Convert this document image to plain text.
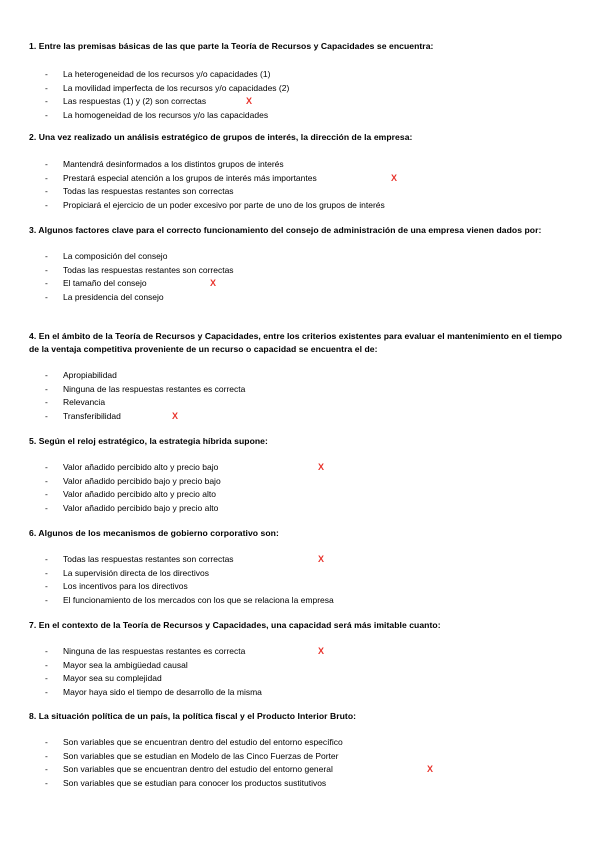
1. Entre las premisas básicas de las que parte la Teoría de Recursos y Capacidades se encuentra:

- La heterogeneidad de los recursos y/o capacidades (1)
- La movilidad imperfecta de los recursos y/o capacidades (2)
- Las respuestas (1) y (2) son correctas	X
- La homogeneidad de los recursos y/o las capacidades

2. Una vez realizado un análisis estratégico de grupos de interés, la dirección de la empresa:

- Mantendrá desinformados a los distintos grupos de interés
- Prestará especial atención a los grupos de interés más importantes	X
- Todas las respuestas restantes son correctas
- Propiciará el ejercicio de un poder excesivo por parte de uno de los grupos de interés

3. Algunos factores clave para el correcto funcionamiento del consejo de administración de una empresa vienen dados por:

- La composición del consejo
- Todas las respuestas restantes son correctas
- El tamaño del consejo	X
- La presidencia del consejo

4. En el ámbito de la Teoría de Recursos y Capacidades, entre los criterios existentes para evaluar el mantenimiento en el tiempo de la ventaja competitiva proveniente de un recurso o capacidad se encuentra el de:

- Apropiabilidad
- Ninguna de las respuestas restantes es correcta
- Relevancia
- Transferibilidad	X

5. Según el reloj estratégico, la estrategia híbrida supone:

- Valor añadido percibido alto y precio bajo	X
- Valor añadido percibido bajo y precio bajo
- Valor añadido percibido alto y precio alto
- Valor añadido percibido bajo y precio alto

6. Algunos de los mecanismos de gobierno corporativo son:

- Todas las respuestas restantes son correctas	X
- La supervisión directa de los directivos
- Los incentivos para los directivos
- El funcionamiento de los mercados con los que se relaciona la empresa

7. En el contexto de la Teoría de Recursos y Capacidades, una capacidad será más imitable cuanto:

- Ninguna de las respuestas restantes es correcta	X
- Mayor sea la ambigüedad causal
- Mayor sea su complejidad
- Mayor haya sido el tiempo de desarrollo de la misma

8. La situación política de un país, la política fiscal y el Producto Interior Bruto:

- Son variables que se encuentran dentro del estudio del entorno específico
- Son variables que se estudian en Modelo de las Cinco Fuerzas de Porter
- Son variables que se encuentran dentro del estudio del entorno general	X
- Son variables que se estudian para conocer los productos sustitutivos
